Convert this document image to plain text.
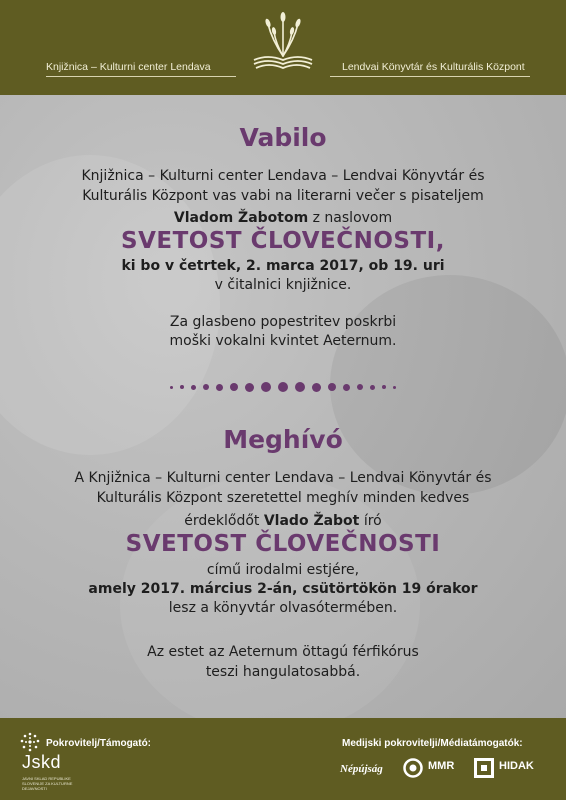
Knjižnica – Kulturni center Lendava	Lendvai Könyvtár és Kulturális Központ
Vabilo
Knjižnica – Kulturni center Lendava – Lendvai Könyvtár és
Kulturális Központ vas vabi na literarni večer s pisateljem
Vladom Žabotom z naslovom
SVETOST ČLOVEČNOSTI,
ki bo v četrtek, 2. marca 2017, ob 19. uri
v čitalnici knjižnice.
Za glasbeno popestritev poskrbi
moški vokalni kvintet Aeternum.
Meghívó
A Knjižnica – Kulturni center Lendava – Lendvai Könyvtár és
Kulturális Központ szeretettel meghív minden kedves
érdeklődőt Vlado Žabot író
SVETOST ČLOVEČNOSTI
című irodalmi estjére,
amely 2017. március 2-án, csütörtökön 19 órakor
lesz a könyvtár olvasótermében.
Az estet az Aeternum öttagú férfikórus
teszi hangulatosabbá.
Pokrovitelj/Támogató:
Jskd
JAVNI SKLAD REPUBLIKE SLOVENIJE ZA KULTURNE DEJAVNOSTI
Medijski pokrovitelji/Médiatámogatók:
Népújság	MMR	HIDAK
